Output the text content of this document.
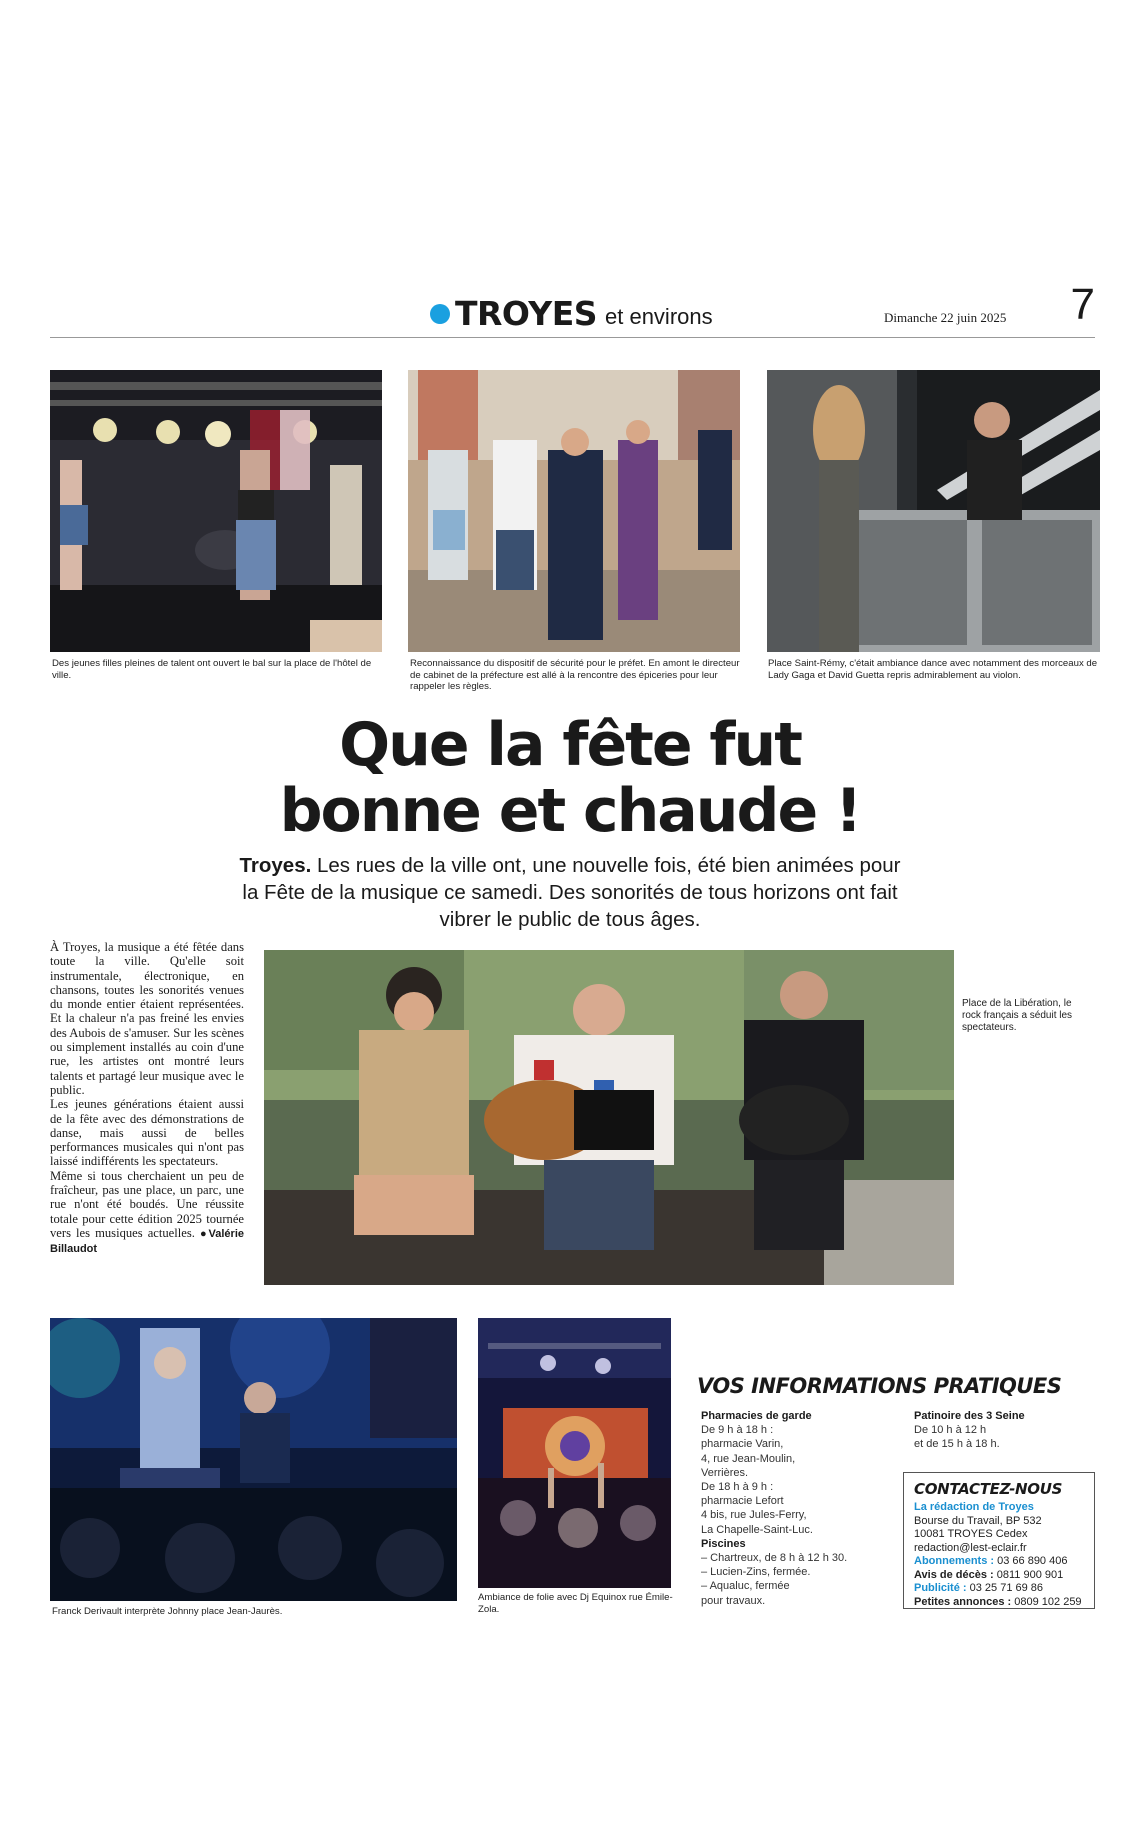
TROYES et environs	Dimanche 22 juin 2025 7
Des jeunes filles pleines de talent ont ouvert le bal sur la place de l'hôtel de ville.
Reconnaissance du dispositif de sécurité pour le préfet. En amont le directeur de cabinet de la préfecture est allé à la rencontre des épiceries pour leur rappeler les règles.
Place Saint-Rémy, c'était ambiance dance avec notamment des morceaux de Lady Gaga et David Guetta repris admirablement au violon.
Que la fête fut
bonne et chaude !
Troyes. Les rues de la ville ont, une nouvelle fois, été bien animées pour la Fête de la musique ce samedi. Des sonorités de tous horizons ont fait vibrer le public de tous âges.

À Troyes, la musique a été fêtée dans toute la ville. Qu'elle soit instrumentale, électronique, en chansons, toutes les sonorités venues du monde entier étaient représentées. Et la chaleur n'a pas freiné les envies des Aubois de s'amuser. Sur les scènes ou simplement installés au coin d'une rue, les artistes ont montré leurs talents et partagé leur musique avec le public.

Les jeunes générations étaient aussi de la fête avec des démonstrations de danse, mais aussi de belles performances musicales qui n'ont pas laissé indifférents les spectateurs.

Même si tous cherchaient un peu de fraîcheur, pas une place, un parc, une rue n'ont été boudés. Une réussite totale pour cette édition 2025 tournée vers les musiques actuelles. ●Valérie Billaudot

Place de la Libération, le rock français a séduit les spectateurs.
Franck Derivault interprète Johnny place Jean-Jaurès.
Ambiance de folie avec Dj Equinox rue Émile-Zola.
VOS INFORMATIONS PRATIQUES
Pharmacies de garde
De 9 h à 18 h :
pharmacie Varin,
4, rue Jean-Moulin,
Verrières.
De 18 h à 9 h :
pharmacie Lefort
4 bis, rue Jules-Ferry,
La Chapelle-Saint-Luc.
Piscines
– Chartreux, de 8 h à 12 h 30.
– Lucien-Zins, fermée.
– Aqualuc, fermée
pour travaux.
Patinoire des 3 Seine
De 10 h à 12 h
et de 15 h à 18 h.
CONTACTEZ-NOUS
La rédaction de Troyes
Bourse du Travail, BP 532
10081 TROYES Cedex
redaction@lest-eclair.fr
Abonnements : 03 66 890 406
Avis de décès : 0811 900 901
Publicité : 03 25 71 69 86
Petites annonces : 0809 102 259
